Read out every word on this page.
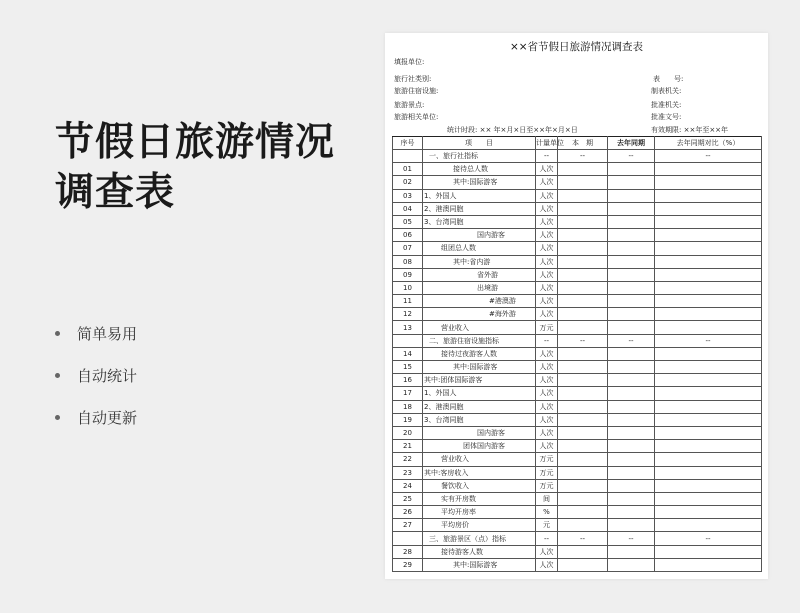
节假日旅游情况
调查表
简单易用
自动统计
自动更新
××省节假日旅游情况调查表
填报单位:
旅行社类别:
旅游住宿设施:
旅游景点:
旅游相关单位:
表　　号:
制表机关:
批准机关:
批准文号:
统计时段: ×× 年×月×日至××年×月×日	有效期限: ××年至××年
序号	项　　目	计量单位	本　期	去年同期	去年同期对比（%）
	一、旅行社指标	--	--	--	--
01	接待总人数	人次			
02	其中:国际游客	人次			
03	1、外国人	人次			
04	2、港澳同胞	人次			
05	3、台湾同胞	人次			
06	国内游客	人次			
07	组团总人数	人次			
08	其中:省内游	人次			
09	省外游	人次			
10	出境游	人次			
11	#港澳游	人次			
12	#海外游	人次			
13	营业收入	万元			
	二、旅游住宿设施指标	--	--	--	--
14	接待过夜游客人数	人次			
15	其中:国际游客	人次			
16	其中:团体国际游客	人次			
17	1、外国人	人次			
18	2、港澳同胞	人次			
19	3、台湾同胞	人次			
20	国内游客	人次			
21	团体国内游客	人次			
22	营业收入	万元			
23	其中:客房收入	万元			
24	餐饮收入	万元			
25	实有开房数	间			
26	平均开房率	%			
27	平均房价	元			
	三、旅游景区（点）指标	--	--	--	--
28	接待游客人数	人次			
29	其中:国际游客	人次			
